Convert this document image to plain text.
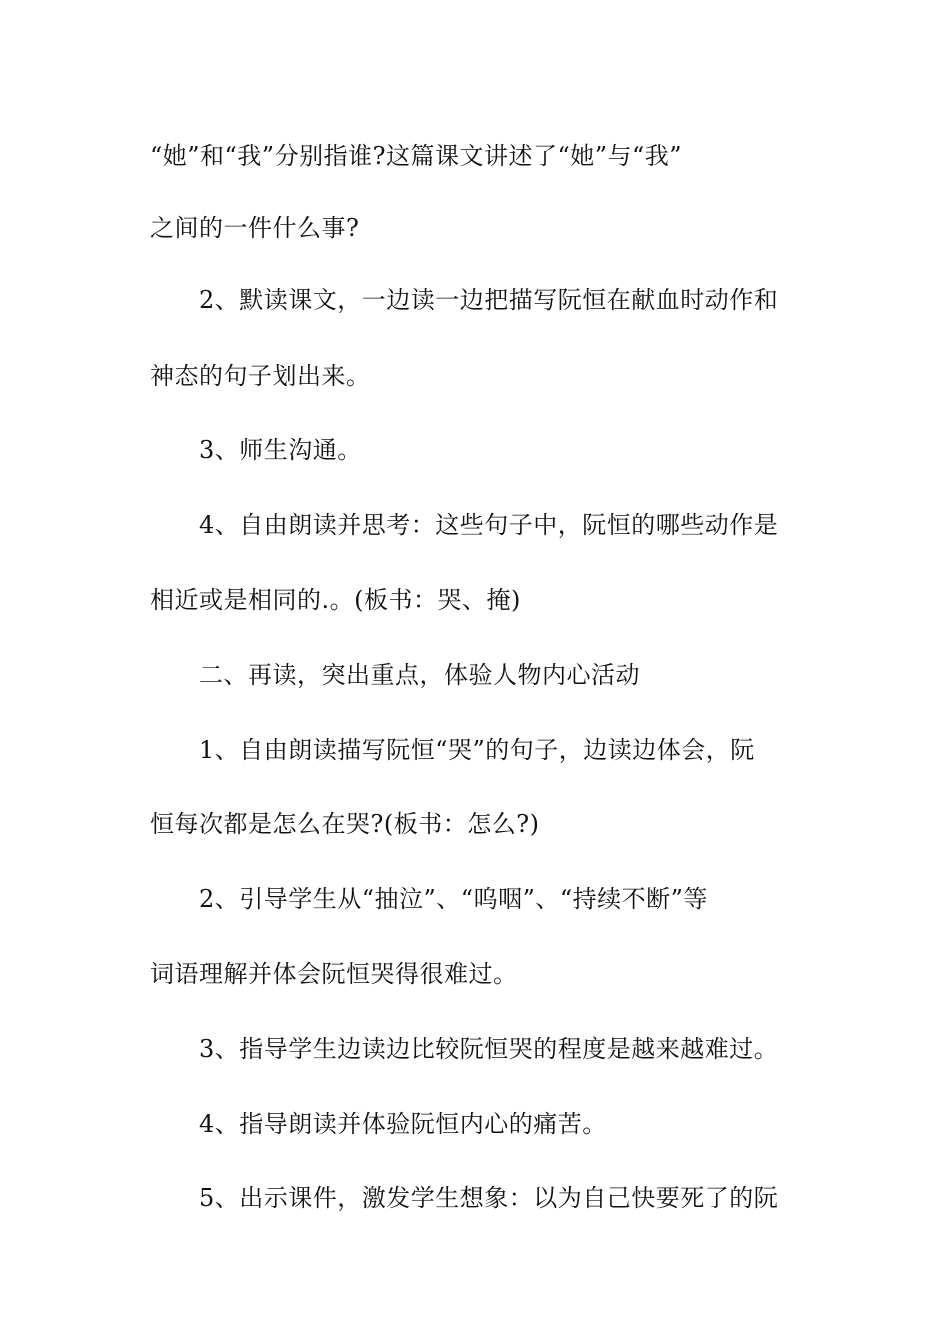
“她”和“我”分别指谁?这篇课文讲述了“她”与“我”
之间的一件什么事?
2、默读课文，一边读一边把描写阮恒在献血时动作和
神态的句子划出来。
3、师生沟通。
4、自由朗读并思考：这些句子中，阮恒的哪些动作是
相近或是相同的.。(板书：哭、掩)
二、再读，突出重点，体验人物内心活动
1、自由朗读描写阮恒“哭”的句子，边读边体会，阮
恒每次都是怎么在哭?(板书：怎么?)
2、引导学生从“抽泣”、“呜咽”、“持续不断”等
词语理解并体会阮恒哭得很难过。
3、指导学生边读边比较阮恒哭的程度是越来越难过。
4、指导朗读并体验阮恒内心的痛苦。
5、出示课件，激发学生想象：以为自己快要死了的阮
